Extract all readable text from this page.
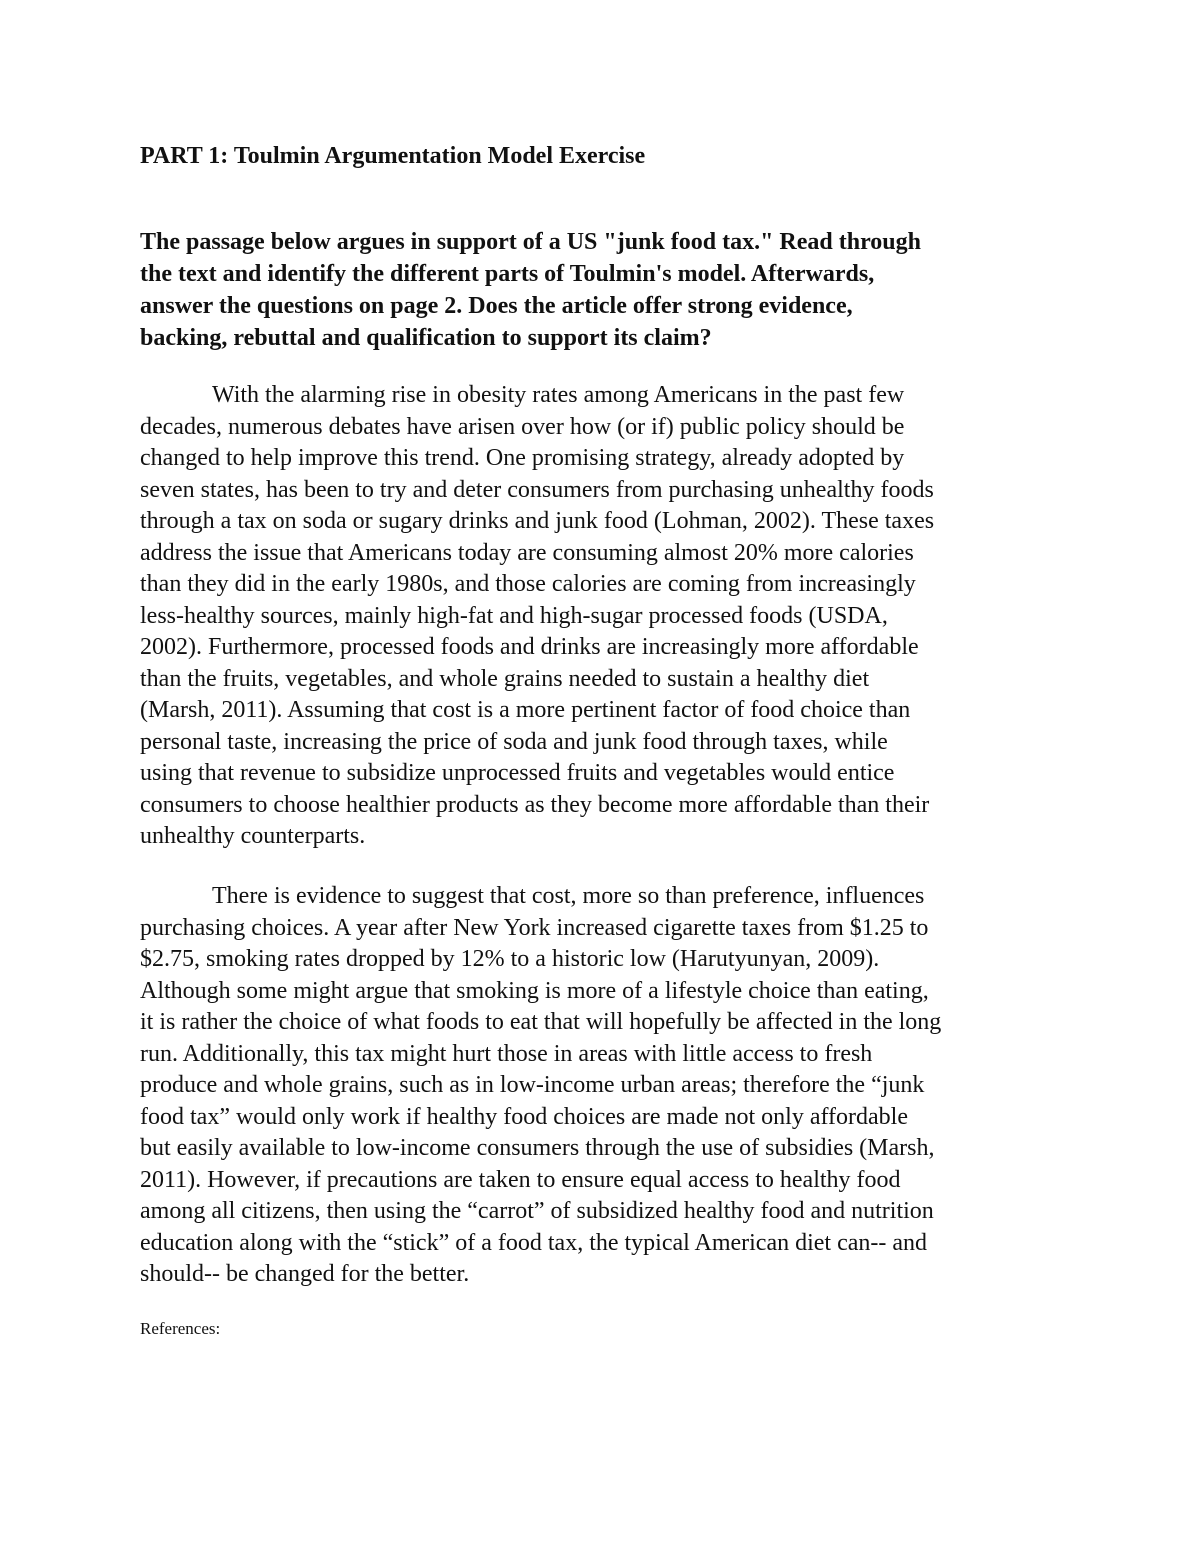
PART 1: Toulmin Argumentation Model Exercise

The passage below argues in support of a US "junk food tax." Read through
the text and identify the different parts of Toulmin's model. Afterwards,
answer the questions on page 2. Does the article offer strong evidence,
backing, rebuttal and qualification to support its claim?

With the alarming rise in obesity rates among Americans in the past few
decades, numerous debates have arisen over how (or if) public policy should be
changed to help improve this trend. One promising strategy, already adopted by
seven states, has been to try and deter consumers from purchasing unhealthy foods
through a tax on soda or sugary drinks and junk food (Lohman, 2002). These taxes
address the issue that Americans today are consuming almost 20% more calories
than they did in the early 1980s, and those calories are coming from increasingly
less-healthy sources, mainly high-fat and high-sugar processed foods (USDA,
2002). Furthermore, processed foods and drinks are increasingly more affordable
than the fruits, vegetables, and whole grains needed to sustain a healthy diet
(Marsh, 2011). Assuming that cost is a more pertinent factor of food choice than
personal taste, increasing the price of soda and junk food through taxes, while
using that revenue to subsidize unprocessed fruits and vegetables would entice
consumers to choose healthier products as they become more affordable than their
unhealthy counterparts.

There is evidence to suggest that cost, more so than preference, influences
purchasing choices. A year after New York increased cigarette taxes from $1.25 to
$2.75, smoking rates dropped by 12% to a historic low (Harutyunyan, 2009).
Although some might argue that smoking is more of a lifestyle choice than eating,
it is rather the choice of what foods to eat that will hopefully be affected in the long
run. Additionally, this tax might hurt those in areas with little access to fresh
produce and whole grains, such as in low-income urban areas; therefore the “junk
food tax” would only work if healthy food choices are made not only affordable
but easily available to low-income consumers through the use of subsidies (Marsh,
2011). However, if precautions are taken to ensure equal access to healthy food
among all citizens, then using the “carrot” of subsidized healthy food and nutrition
education along with the “stick” of a food tax, the typical American diet can-- and
should-- be changed for the better.

References:
